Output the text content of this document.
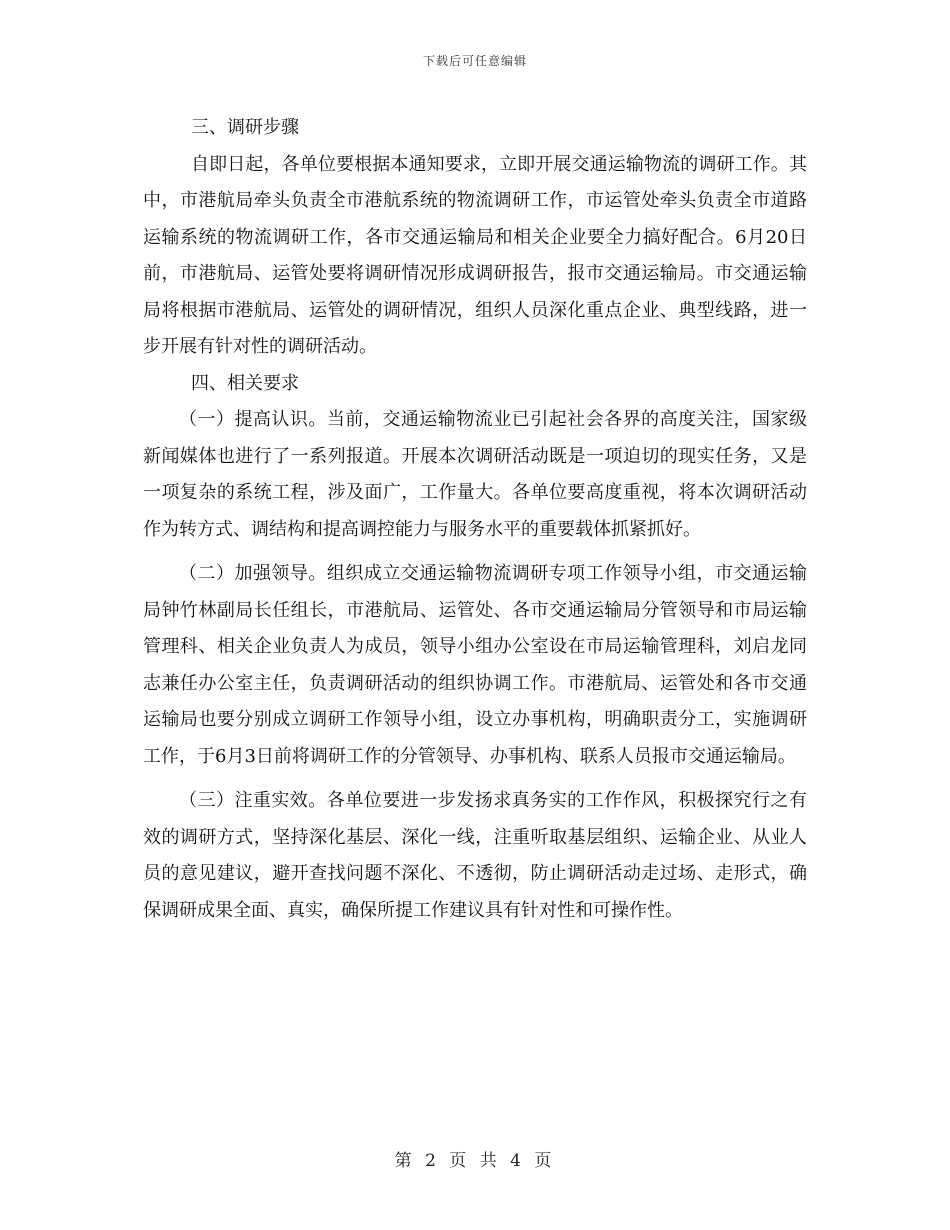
下载后可任意编辑

三、调研步骤

自即日起，各单位要根据本通知要求，立即开展交通运输物流的调研工作。其中，市港航局牵头负责全市港航系统的物流调研工作，市运管处牵头负责全市道路运输系统的物流调研工作，各市交通运输局和相关企业要全力搞好配合。6月20日前，市港航局、运管处要将调研情况形成调研报告，报市交通运输局。市交通运输局将根据市港航局、运管处的调研情况，组织人员深化重点企业、典型线路，进一步开展有针对性的调研活动。

四、相关要求

（一）提高认识。当前，交通运输物流业已引起社会各界的高度关注，国家级新闻媒体也进行了一系列报道。开展本次调研活动既是一项迫切的现实任务，又是一项复杂的系统工程，涉及面广，工作量大。各单位要高度重视，将本次调研活动作为转方式、调结构和提高调控能力与服务水平的重要载体抓紧抓好。

（二）加强领导。组织成立交通运输物流调研专项工作领导小组，市交通运输局钟竹林副局长任组长，市港航局、运管处、各市交通运输局分管领导和市局运输管理科、相关企业负责人为成员，领导小组办公室设在市局运输管理科，刘启龙同志兼任办公室主任，负责调研活动的组织协调工作。市港航局、运管处和各市交通运输局也要分别成立调研工作领导小组，设立办事机构，明确职责分工，实施调研工作，于6月3日前将调研工作的分管领导、办事机构、联系人员报市交通运输局。

（三）注重实效。各单位要进一步发扬求真务实的工作作风，积极探究行之有效的调研方式，坚持深化基层、深化一线，注重听取基层组织、运输企业、从业人员的意见建议，避开查找问题不深化、不透彻，防止调研活动走过场、走形式，确保调研成果全面、真实，确保所提工作建议具有针对性和可操作性。

第 2 页 共 4 页
